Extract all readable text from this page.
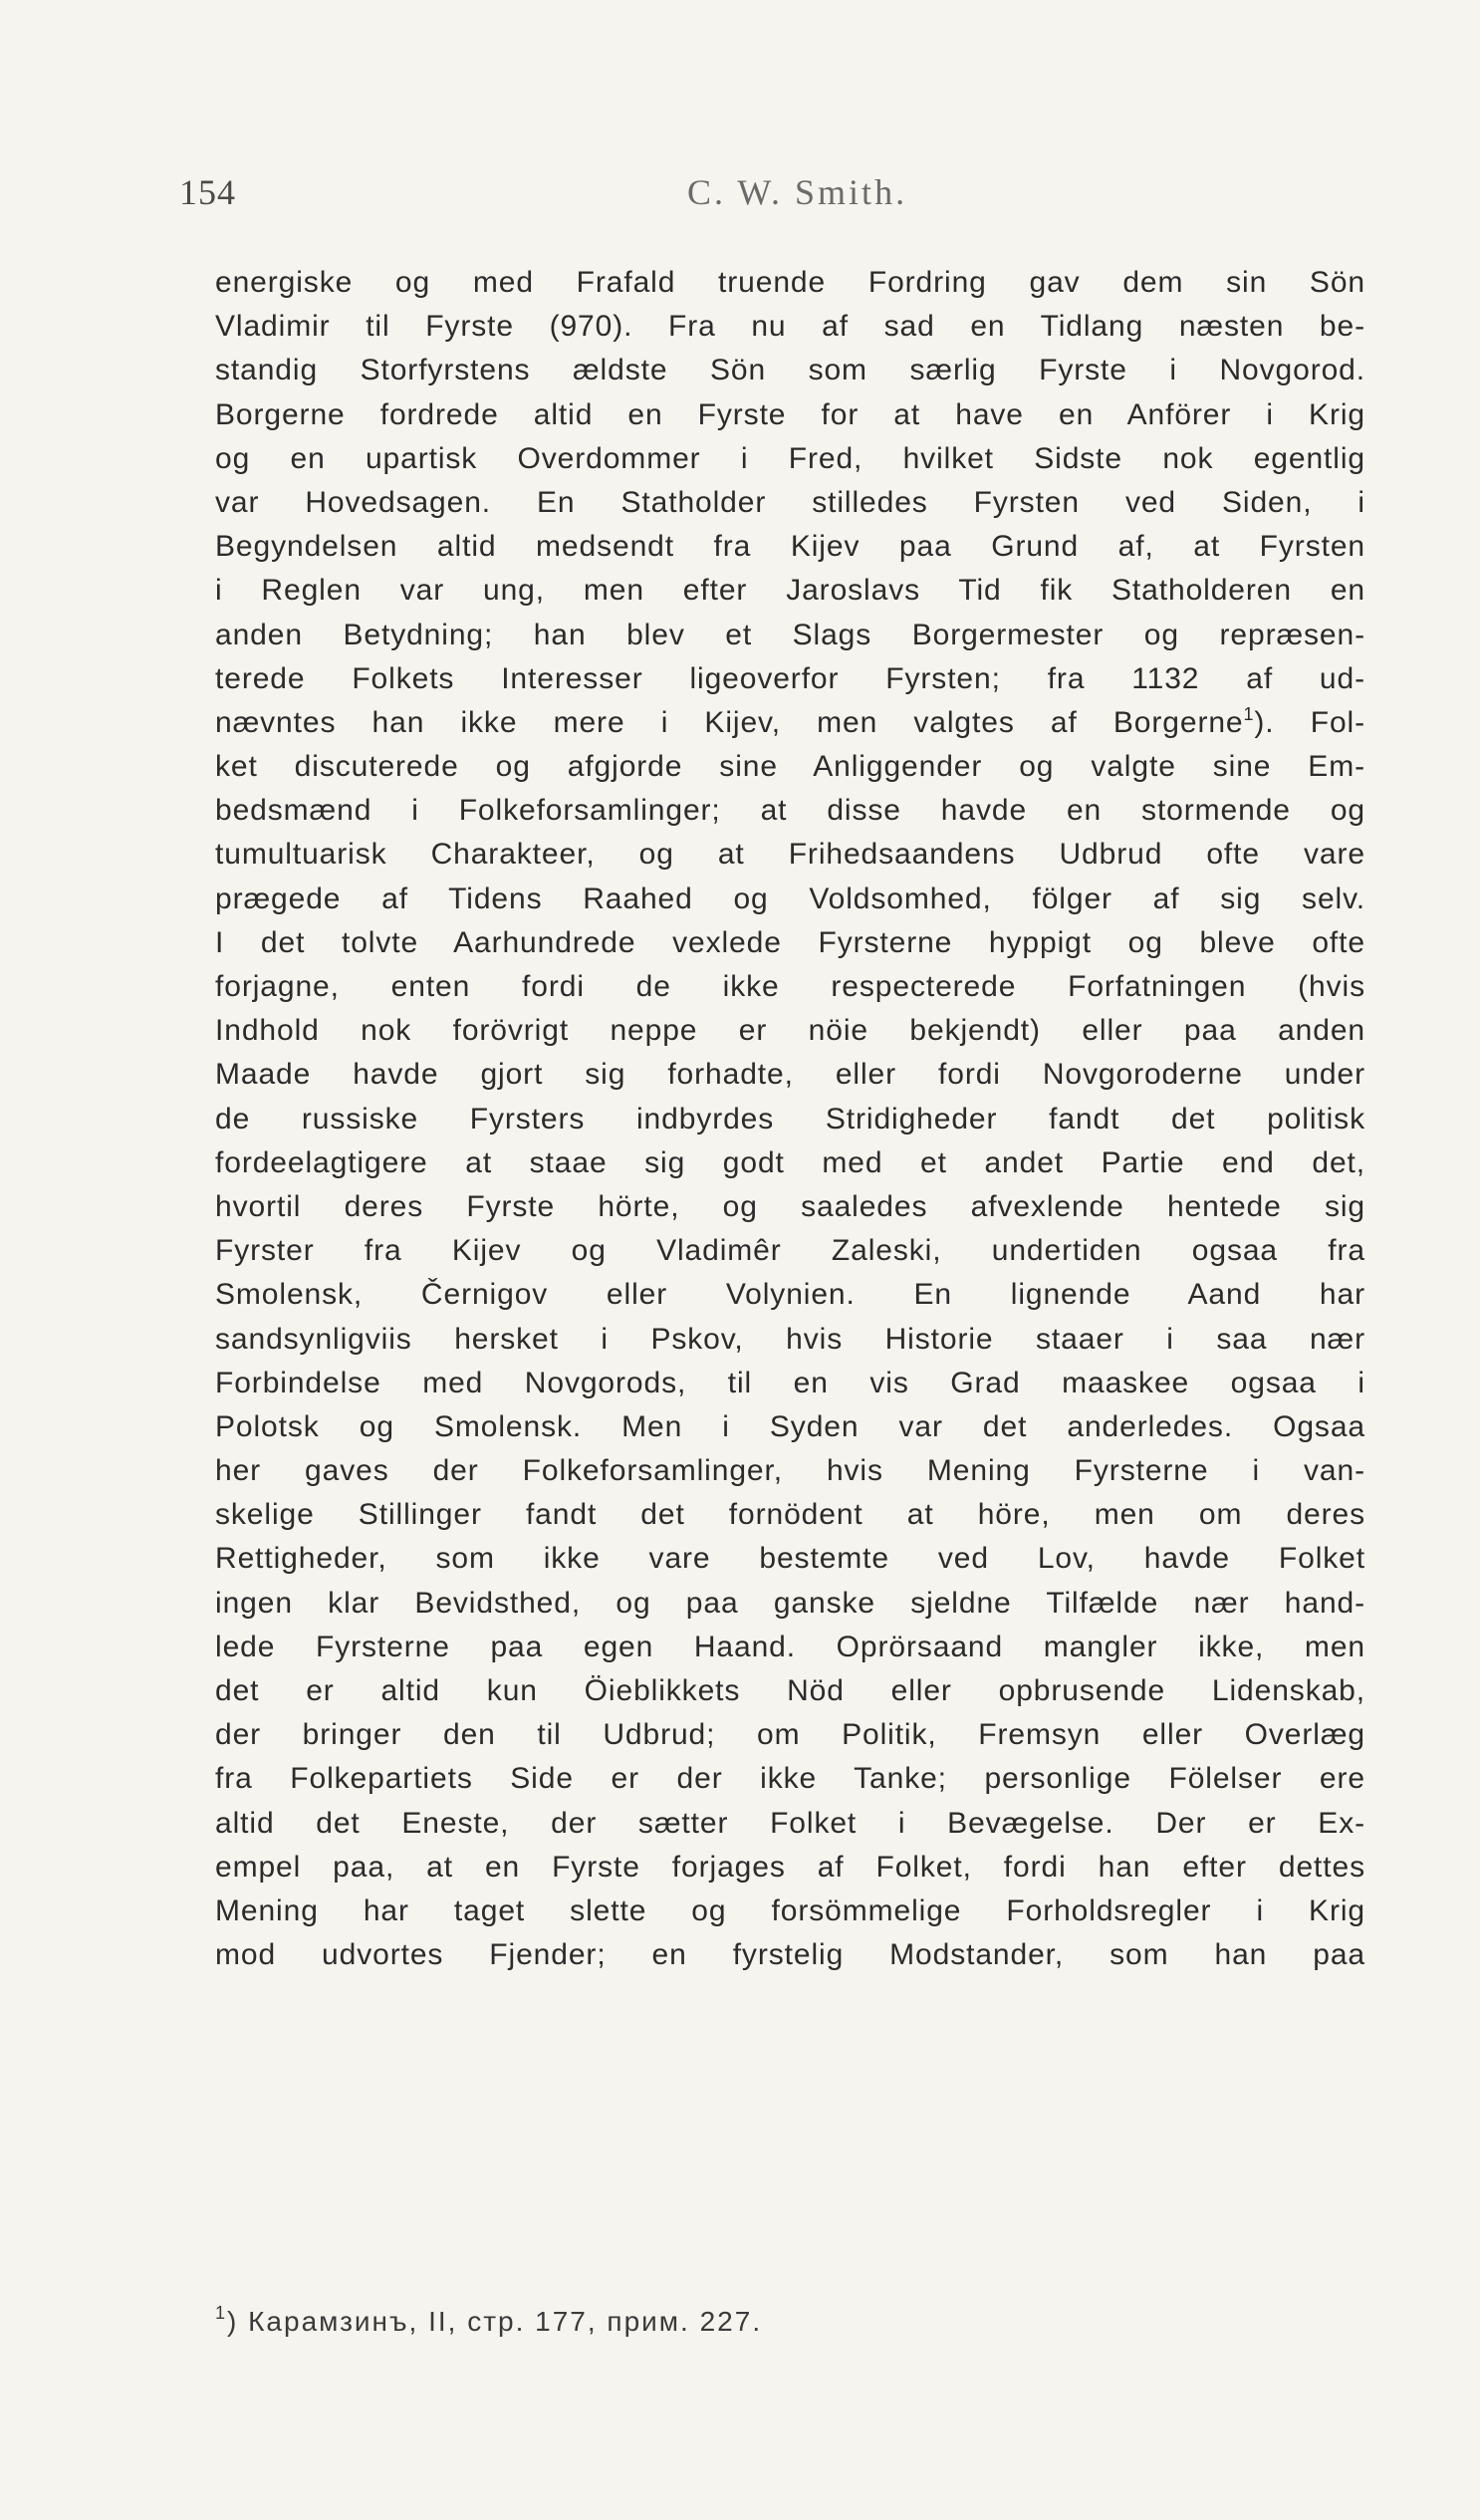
154	C. W. Smith.
energiske og med Frafald truende Fordring gav dem sin Sön
Vladimir til Fyrste (970). Fra nu af sad en Tidlang næsten be-
standig Storfyrstens ældste Sön som særlig Fyrste i Novgorod.
Borgerne fordrede altid en Fyrste for at have en Anförer i Krig
og en upartisk Overdommer i Fred, hvilket Sidste nok egentlig
var Hovedsagen. En Statholder stilledes Fyrsten ved Siden, i
Begyndelsen altid medsendt fra Kijev paa Grund af, at Fyrsten
i Reglen var ung, men efter Jaroslavs Tid fik Statholderen en
anden Betydning; han blev et Slags Borgermester og repræsen-
terede Folkets Interesser ligeoverfor Fyrsten; fra 1132 af ud-
nævntes han ikke mere i Kijev, men valgtes af Borgerne$^1$). Fol-
ket discuterede og afgjorde sine Anliggender og valgte sine Em-
bedsmænd i Folkeforsamlinger; at disse havde en stormende og
tumultuarisk Charakteer, og at Frihedsaandens Udbrud ofte vare
prægede af Tidens Raahed og Voldsomhed, fölger af sig selv.
I det tolvte Aarhundrede vexlede Fyrsterne hyppigt og bleve ofte
forjagne, enten fordi de ikke respecterede Forfatningen (hvis
Indhold nok forövrigt neppe er nöie bekjendt) eller paa anden
Maade havde gjort sig forhadte, eller fordi Novgoroderne under
de russiske Fyrsters indbyrdes Stridigheder fandt det politisk
fordeelagtigere at staae sig godt med et andet Partie end det,
hvortil deres Fyrste hörte, og saaledes afvexlende hentede sig
Fyrster fra Kijev og Vladimêr Zaleski, undertiden ogsaa fra
Smolensk, Černigov eller Volynien. En lignende Aand har
sandsynligviis hersket i Pskov, hvis Historie staaer i saa nær
Forbindelse med Novgorods, til en vis Grad maaskee ogsaa i
Polotsk og Smolensk. Men i Syden var det anderledes. Ogsaa
her gaves der Folkeforsamlinger, hvis Mening Fyrsterne i van-
skelige Stillinger fandt det fornödent at höre, men om deres
Rettigheder, som ikke vare bestemte ved Lov, havde Folket
ingen klar Bevidsthed, og paa ganske sjeldne Tilfælde nær hand-
lede Fyrsterne paa egen Haand. Oprörsaand mangler ikke, men
det er altid kun Öieblikkets Nöd eller opbrusende Lidenskab,
der bringer den til Udbrud; om Politik, Fremsyn eller Overlæg
fra Folkepartiets Side er der ikke Tanke; personlige Fölelser ere
altid det Eneste, der sætter Folket i Bevægelse. Der er Ex-
empel paa, at en Fyrste forjages af Folket, fordi han efter dettes
Mening har taget slette og forsömmelige Forholdsregler i Krig
mod udvortes Fjender; en fyrstelig Modstander, som han paa
$^1$) Карамзинъ, II, стр. 177, прим. 227.
